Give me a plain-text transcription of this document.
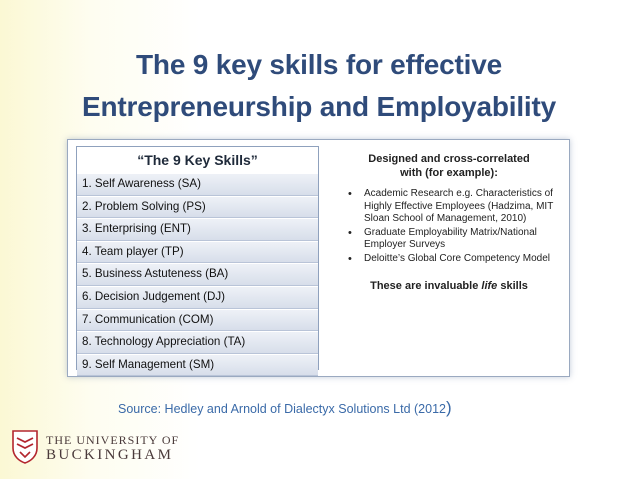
The 9 key skills for effective
Entrepreneurship and Employability
“The 9 Key Skills”
1. Self Awareness (SA)
2. Problem Solving (PS)
3. Enterprising (ENT)
4. Team player (TP)
5. Business Astuteness (BA)
6. Decision Judgement (DJ)
7. Communication (COM)
8. Technology Appreciation (TA)
9. Self Management (SM)
Designed and cross-correlated
with (for example):
• Academic Research e.g. Characteristics of Highly Effective Employees (Hadzima, MIT Sloan School of Management, 2010)
• Graduate Employability Matrix/National Employer Surveys
• Deloitte’s Global Core Competency Model
These are invaluable life skills
Source: Hedley and Arnold of Dialectyx Solutions Ltd (2012)
THE UNIVERSITY OF
BUCKINGHAM
